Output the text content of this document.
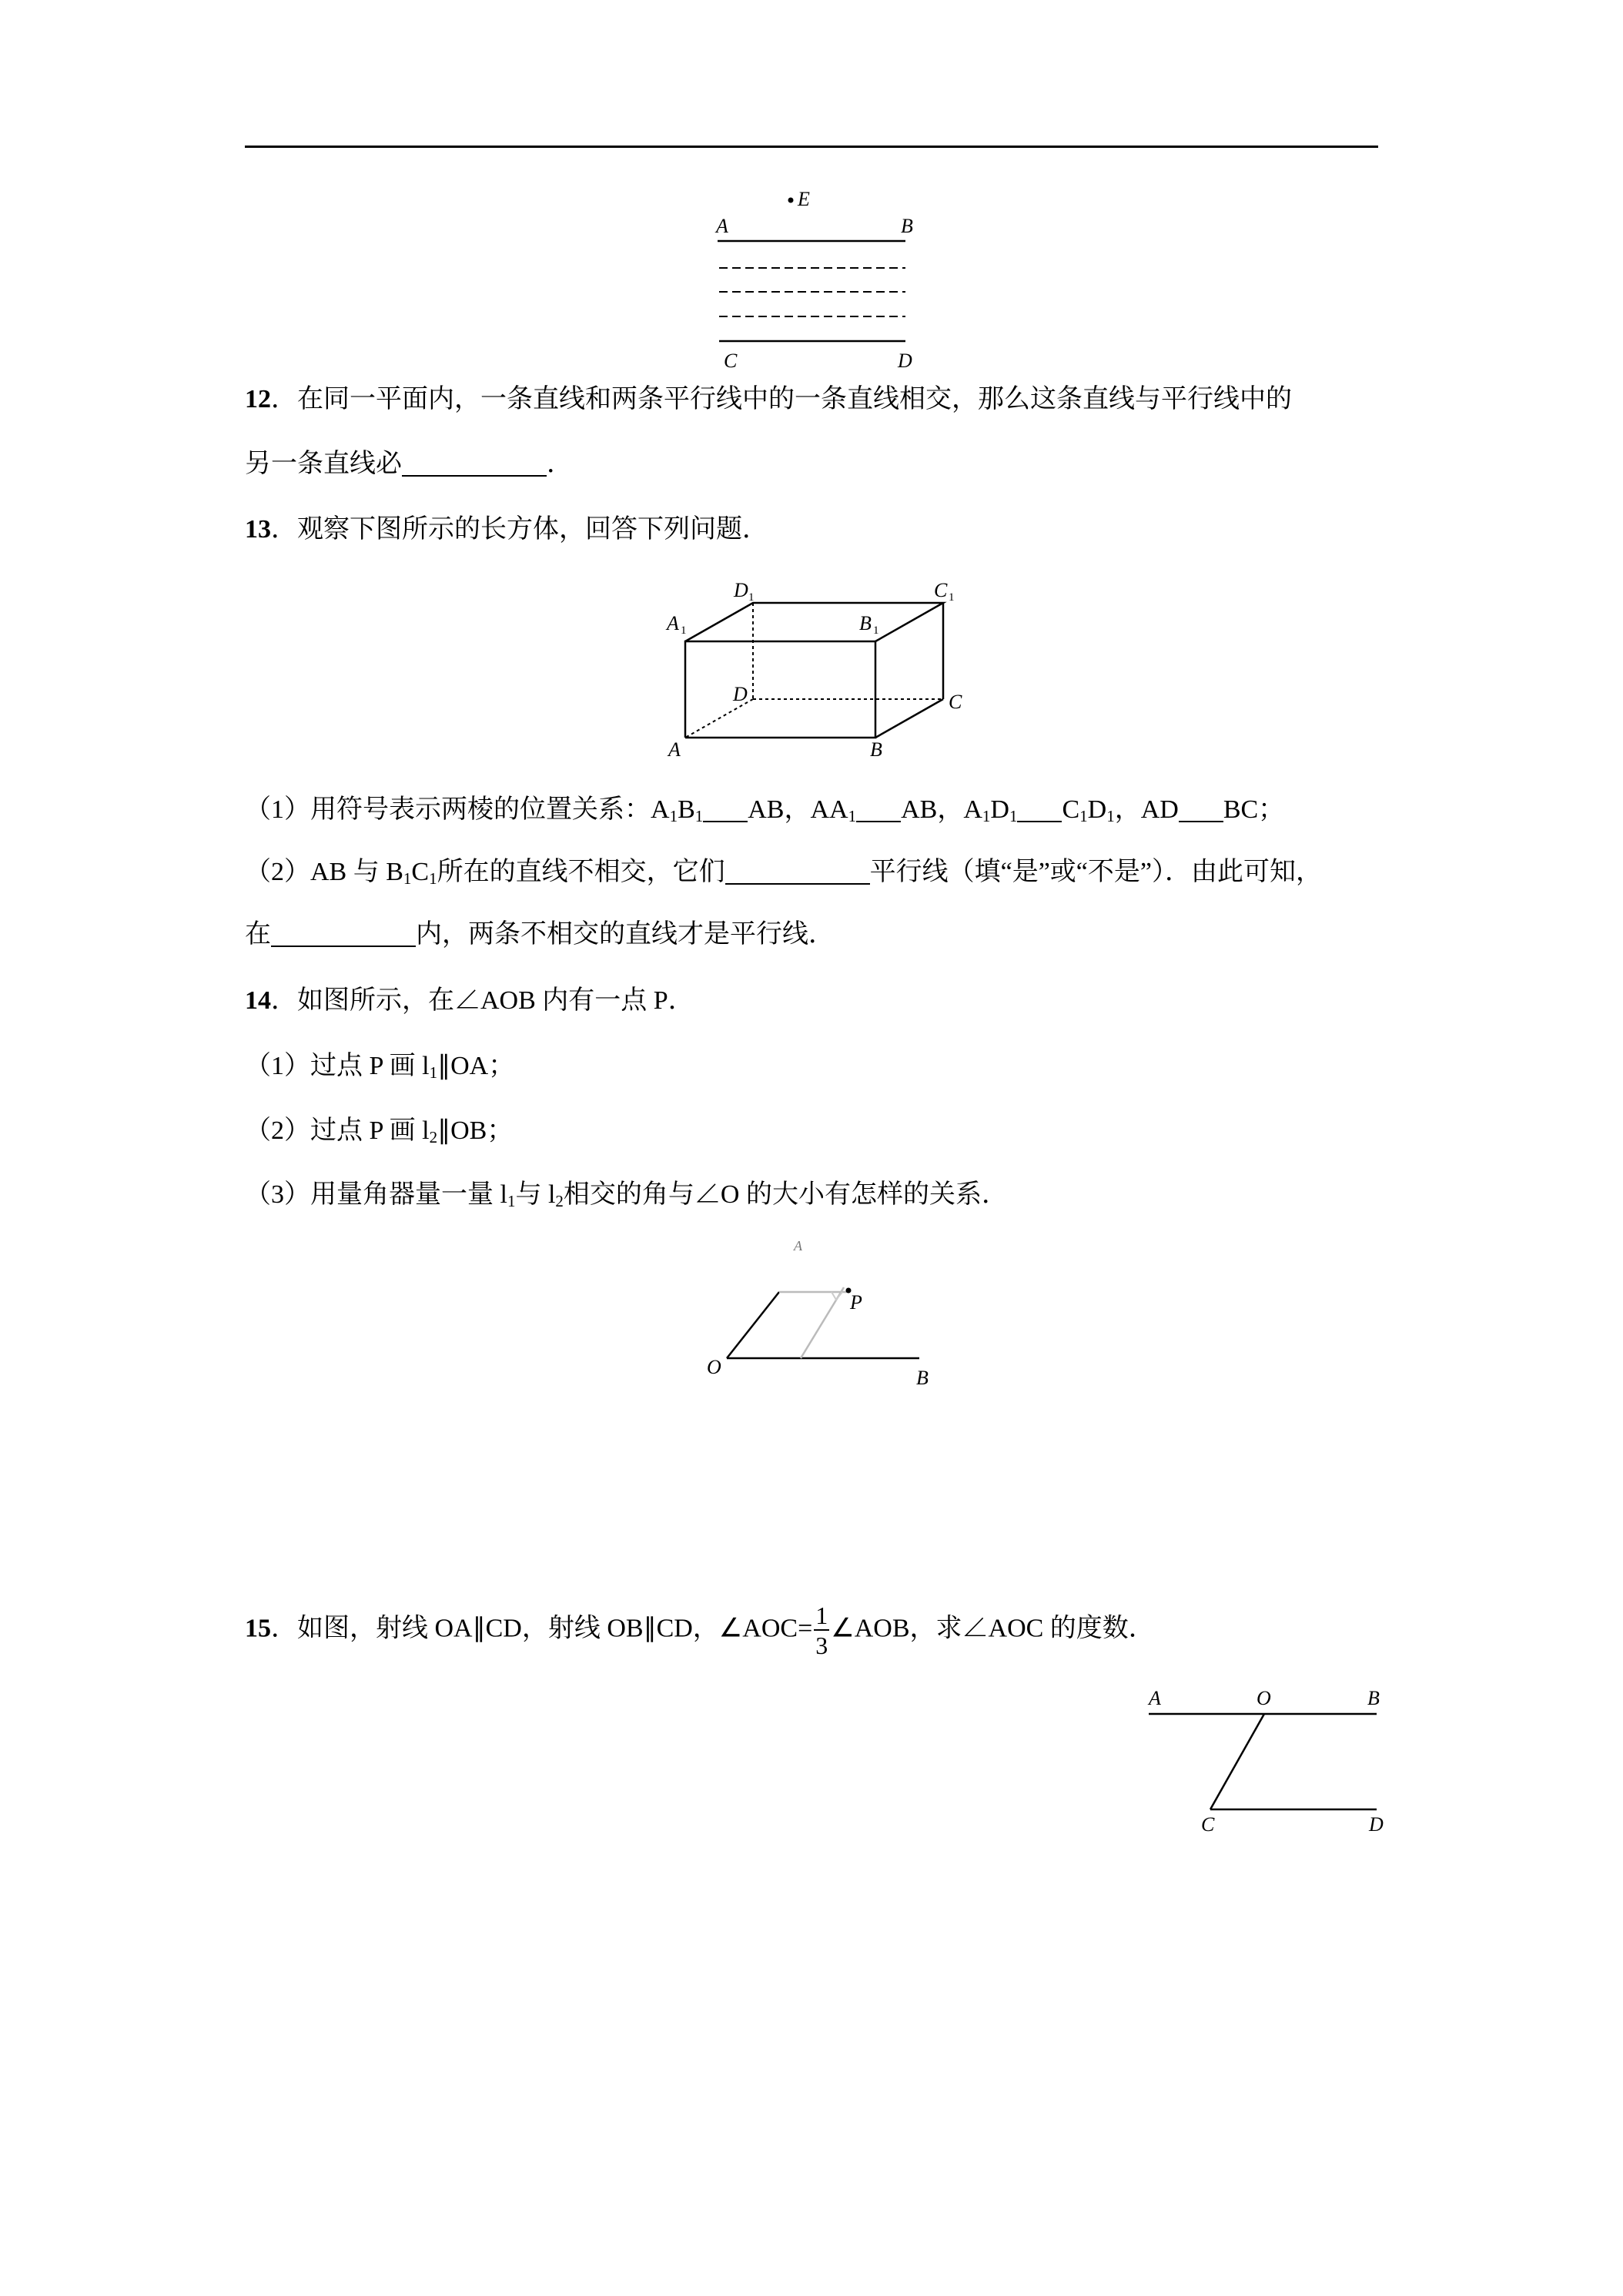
E
A	B
C	D
12．在同一平面内，一条直线和两条平行线中的一条直线相交，那么这条直线与平行线中的
另一条直线必	．
13．观察下图所示的长方体，回答下列问题．
D 1	C 1
A 1	B 1
D	C
A	B
（1）用符号表示两棱的位置关系：$A_1B_1$ AB，$AA_1$ AB，$A_1D_1$ $C_1D_1$，AD BC；
（2）AB 与 $B_1C_1$所在的直线不相交，它们	平行线（填“是”或“不是”）．由此可知，
在	内，两条不相交的直线才是平行线．
14．如图所示，在∠AOB 内有一点 P．
（1）过点 P 画 $l_1\parallel OA$；
（2）过点 P 画 $l_2\parallel OB$；
（3）用量角器量一量 $l_1$与 $l_2$相交的角与∠O 的大小有怎样的关系．
A
P
O	B
15．如图，射线 OA∥CD，射线 OB∥CD，∠AOC= $\frac{1}{3}$ ∠AOB，求∠AOC 的度数．
A	O	B
C	D
